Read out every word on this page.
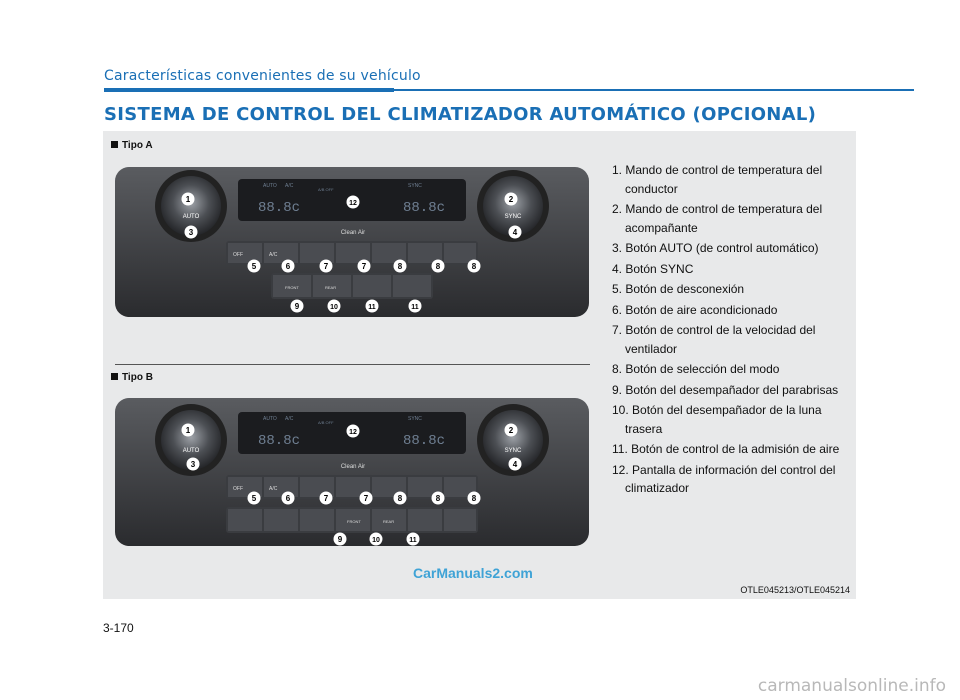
Características convenientes de su vehículo
SISTEMA DE CONTROL DEL CLIMATIZADOR AUTOMÁTICO (OPCIONAL)
Tipo A
Tipo B
AUTO	SYNC
AUTO A/C
A/B OFF
SYNC
88.8c	88.8c
Clean Air
OFF	A/C
FRONT	REAR
1	2
3	4
5	6	7	7	8	8	8
9	10	11	11
12
AUTO	SYNC
AUTO A/C
A/B OFF
SYNC
88.8c	88.8c
Clean Air
OFF	A/C
FRONT	REAR
1	2
3	4
5	6	7	7	8	8	8
9	10	11
12
1. Mando de control de temperatura del conductor
2. Mando de control de temperatura del acompañante
3. Botón AUTO (de control automático)
4. Botón SYNC
5. Botón de desconexión
6. Botón de aire acondicionado
7. Botón de control de la velocidad del ventilador
8. Botón de selección del modo
9. Botón del desempañador del parabrisas
10. Botón del desempañador de la luna trasera
11. Botón de control de la admisión de aire
12. Pantalla de información del control del climatizador
CarManuals2.com
OTLE045213/OTLE045214
3-170
carmanualsonline.info
